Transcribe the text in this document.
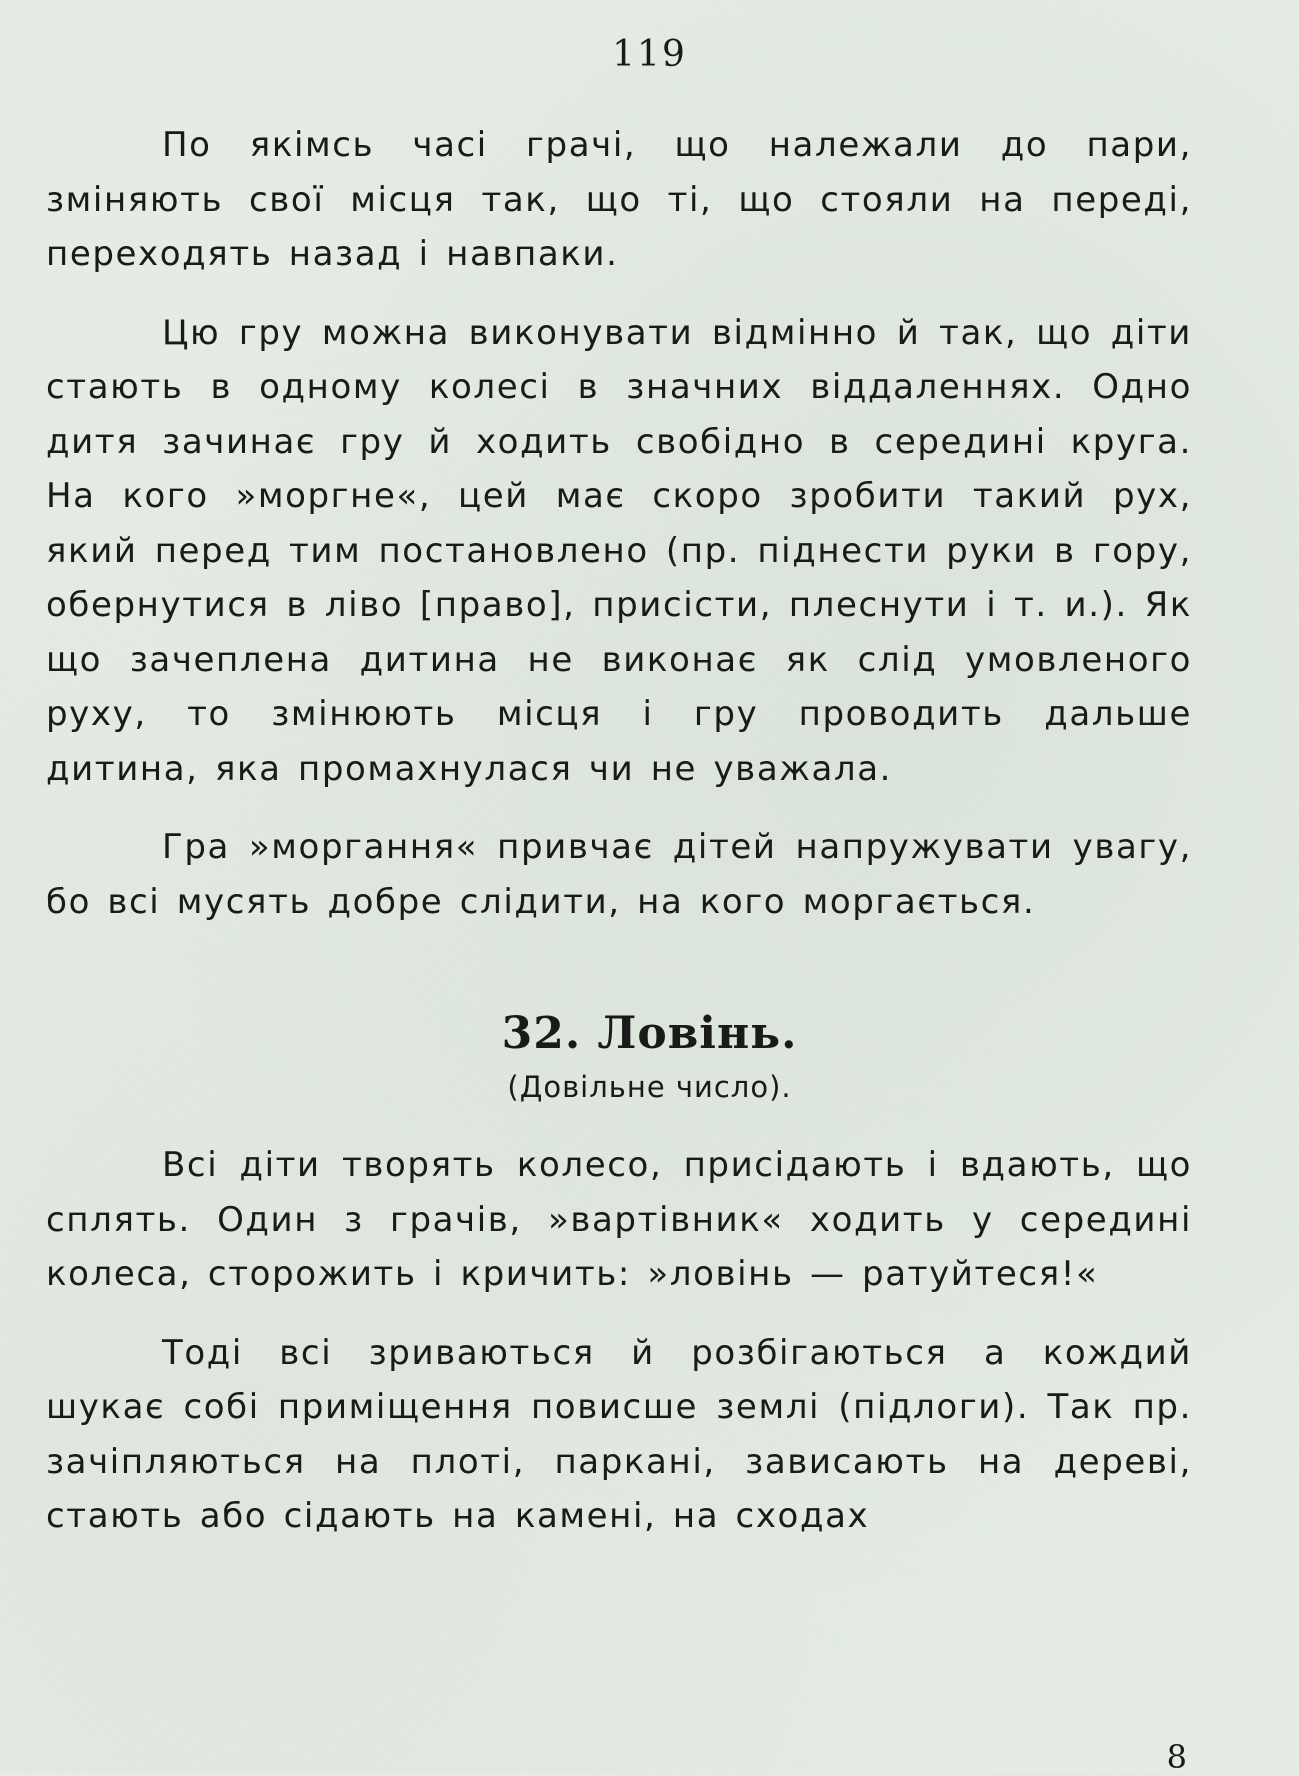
119

По якімсь часі грачі, що належали до пари, зміняють свої місця так, що ті, що стояли на переді, переходять назад і навпаки.

Цю гру можна виконувати відмінно й так, що діти стають в одному колесі в значних віддаленнях. Одно дитя зачинає гру й ходить свобідно в середині круга. На кого »моргне«, цей має скоро зробити такий рух, який перед тим постановлено (пр. піднести руки в гору, обернутися в ліво [право], присісти, плеснути і т. и.). Як що зачеплена дитина не виконає як слід умовленого руху, то змінюють місця і гру проводить дальше дитина, яка промахнулася чи не уважала.

Гра »моргання« привчає дітей напружувати увагу, бо всі мусять добре слідити, на кого моргається.

32. Ловінь.
(Довільне число).

Всі діти творять колесо, присідають і вдають, що сплять. Один з грачів, »вартівник« ходить у середині колеса, сторожить і кричить: »ловінь — ратуйтеся!«

Тоді всі зриваються й розбігаються а кождий шукає собі приміщення повисше землі (підлоги). Так пр. зачіпляються на плоті, паркані, зависають на дереві, стають або сідають на камені, на сходах

8
